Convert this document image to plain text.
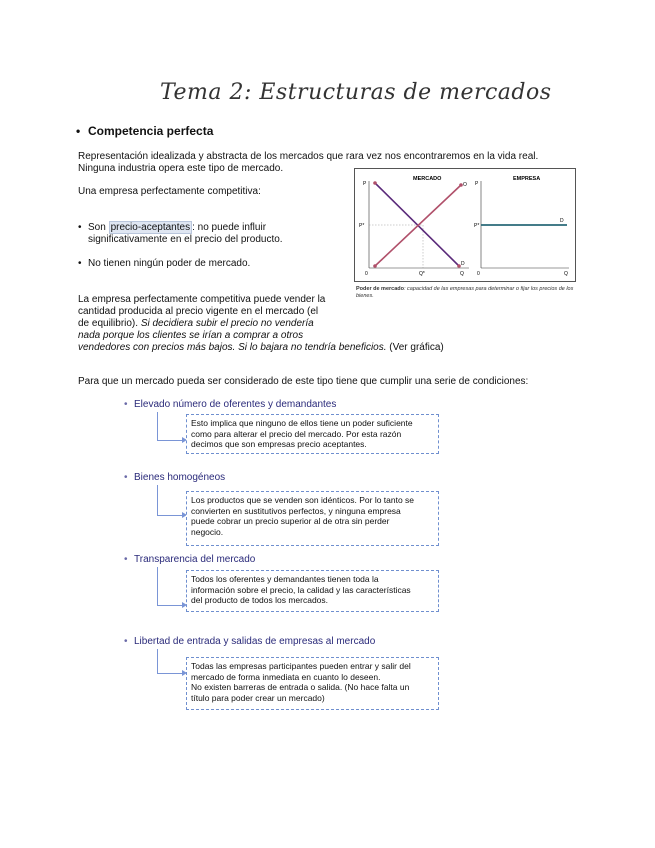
Tema 2: Estructuras de mercados
• Competencia perfecta
Representación idealizada y abstracta de los mercados que rara vez nos encontraremos en la vida real.
Ninguna industria opera este tipo de mercado.
Una empresa perfectamente competitiva:
• Son precio-aceptantes : no puede influir
significativamente en el precio del producto.
• No tienen ningún poder de mercado.
MERCADO	EMPRESA
P	P
P*	P*
O
D
0	Q*	Q	0	Q
D
Poder de mercado: capacidad de las empresas para determinar o fijar los precios de los bienes.
La empresa perfectamente competitiva puede vender la
cantidad producida al precio vigente en el mercado (el
de equilibrio). Si decidiera subir el precio no vendería
nada porque los clientes se irían a comprar a otros
vendedores con precios más bajos. Si lo bajara no tendría beneficios. (Ver gráfica)
Para que un mercado pueda ser considerado de este tipo tiene que cumplir una serie de condiciones:
• Elevado número de oferentes y demandantes
Esto implica que ninguno de ellos tiene un poder suficiente
como para alterar el precio del mercado. Por esta razón
decimos que son empresas precio aceptantes.
• Bienes homogéneos
Los productos que se venden son idénticos. Por lo tanto se
convierten en sustitutivos perfectos, y ninguna empresa
puede cobrar un precio superior al de otra sin perder
negocio.
• Transparencia del mercado
Todos los oferentes y demandantes tienen toda la
información sobre el precio, la calidad y las características
del producto de todos los mercados.
• Libertad de entrada y salidas de empresas al mercado
Todas las empresas participantes pueden entrar y salir del
mercado de forma inmediata en cuanto lo deseen.
No existen barreras de entrada o salida. (No hace falta un
título para poder crear un mercado)
